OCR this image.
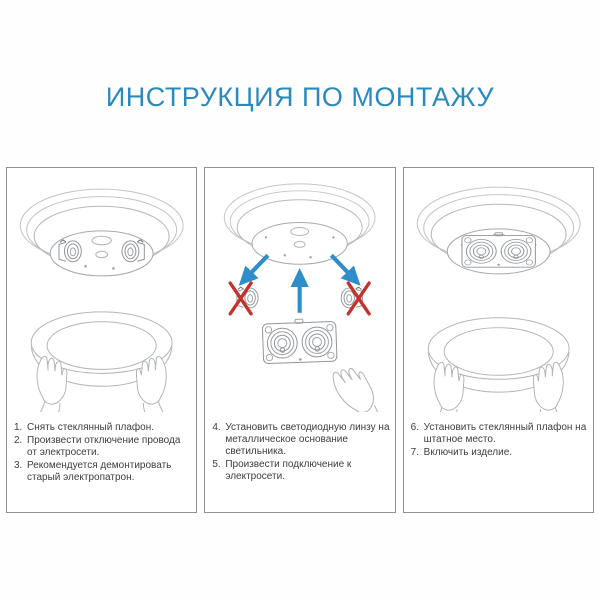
ИНСТРУКЦИЯ ПО МОНТАЖУ
1. Снять стеклянный плафон.
2. Произвести отключение провода от электросети.
3. Рекомендуется демонтировать старый электропатрон.
4. Установить светодиодную линзу на металлическое основание светильника.
5. Произвести подключение к электросети.
6. Установить стеклянный плафон на штатное место.
7. Включить изделие.
